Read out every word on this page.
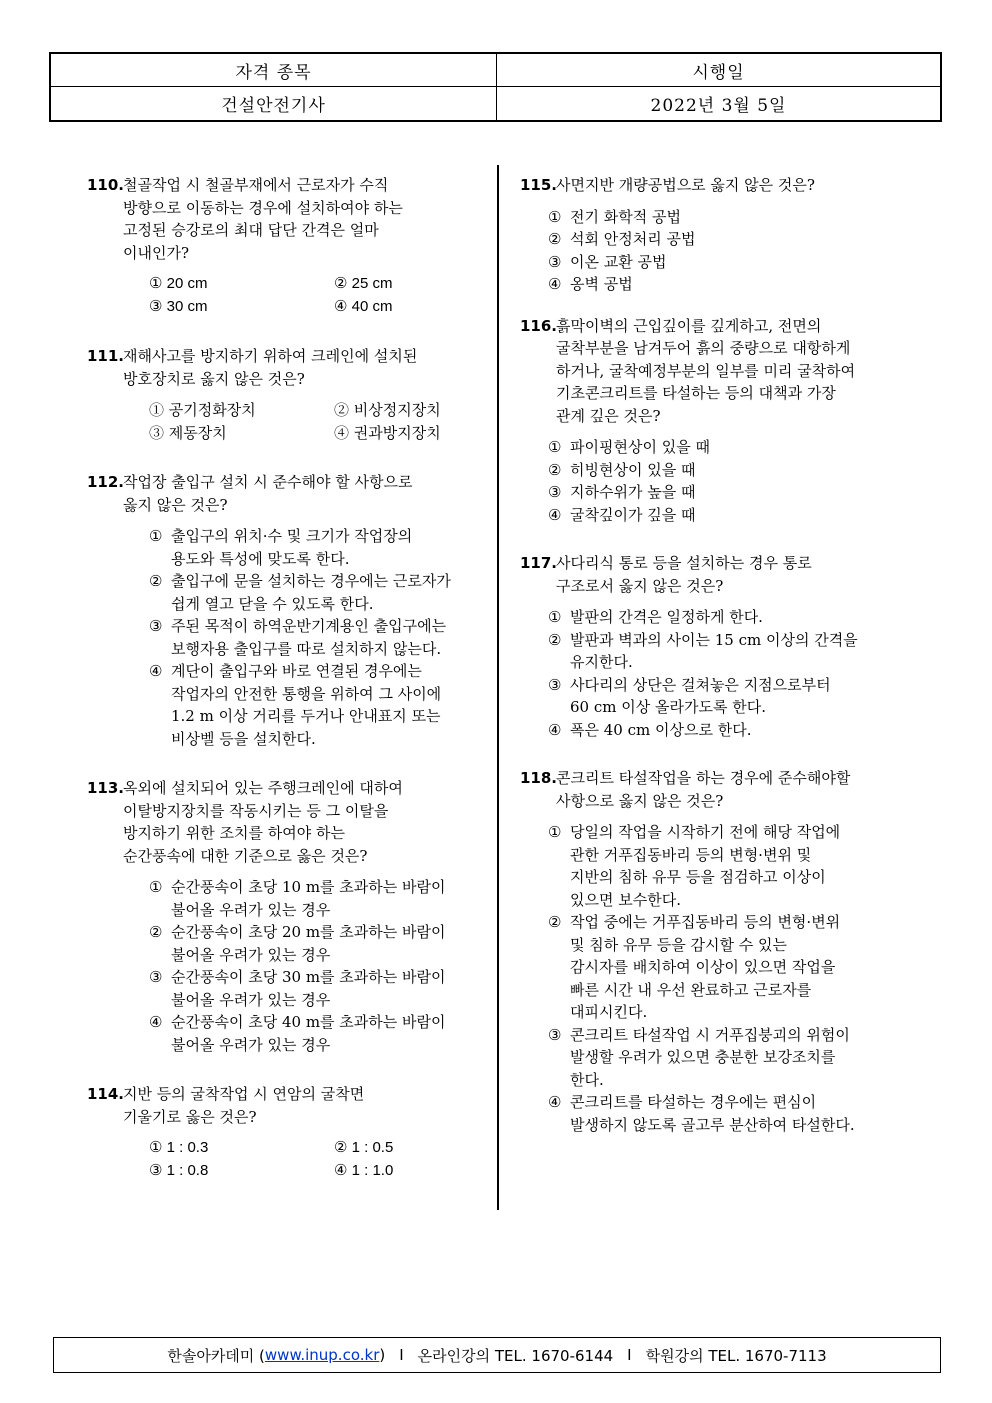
자격 종목	시행일
건설안전기사	2022년 3월 5일
110.
철골작업 시 철골부재에서 근로자가 수직
방향으로 이동하는 경우에 설치하여야 하는
고정된 승강로의 최대 답단 간격은 얼마
이내인가?
① 20 cm	② 25 cm
③ 30 cm	④ 40 cm
111.
재해사고를 방지하기 위하여 크레인에 설치된
방호장치로 옳지 않은 것은?
① 공기정화장치	② 비상정지장치
③ 제동장치	④ 권과방지장치
112.
작업장 출입구 설치 시 준수해야 할 사항으로
옳지 않은 것은?
① 출입구의 위치·수 및 크기가 작업장의
용도와 특성에 맞도록 한다.
② 출입구에 문을 설치하는 경우에는 근로자가
쉽게 열고 닫을 수 있도록 한다.
③ 주된 목적이 하역운반기계용인 출입구에는
보행자용 출입구를 따로 설치하지 않는다.
④ 계단이 출입구와 바로 연결된 경우에는
작업자의 안전한 통행을 위하여 그 사이에
1.2 m 이상 거리를 두거나 안내표지 또는
비상벨 등을 설치한다.
113.
옥외에 설치되어 있는 주행크레인에 대하여
이탈방지장치를 작동시키는 등 그 이탈을
방지하기 위한 조치를 하여야 하는
순간풍속에 대한 기준으로 옳은 것은?
① 순간풍속이 초당 10 m를 초과하는 바람이
불어올 우려가 있는 경우
② 순간풍속이 초당 20 m를 초과하는 바람이
불어올 우려가 있는 경우
③ 순간풍속이 초당 30 m를 초과하는 바람이
불어올 우려가 있는 경우
④ 순간풍속이 초당 40 m를 초과하는 바람이
불어올 우려가 있는 경우
114.
지반 등의 굴착작업 시 연암의 굴착면
기울기로 옳은 것은?
① 1 : 0.3	② 1 : 0.5
③ 1 : 0.8	④ 1 : 1.0
115.
사면지반 개량공법으로 옳지 않은 것은?
① 전기 화학적 공법
② 석회 안정처리 공법
③ 이온 교환 공법
④ 옹벽 공법
116.
흙막이벽의 근입깊이를 깊게하고, 전면의
굴착부분을 남겨두어 흙의 중량으로 대항하게
하거나, 굴착예정부분의 일부를 미리 굴착하여
기초콘크리트를 타설하는 등의 대책과 가장
관계 깊은 것은?
① 파이핑현상이 있을 때
② 히빙현상이 있을 때
③ 지하수위가 높을 때
④ 굴착깊이가 깊을 때
117.
사다리식 통로 등을 설치하는 경우 통로
구조로서 옳지 않은 것은?
① 발판의 간격은 일정하게 한다.
② 발판과 벽과의 사이는 15 cm 이상의 간격을
유지한다.
③ 사다리의 상단은 걸쳐놓은 지점으로부터
60 cm 이상 올라가도록 한다.
④ 폭은 40 cm 이상으로 한다.
118.
콘크리트 타설작업을 하는 경우에 준수해야할
사항으로 옳지 않은 것은?
① 당일의 작업을 시작하기 전에 해당 작업에
관한 거푸집동바리 등의 변형·변위 및
지반의 침하 유무 등을 점검하고 이상이
있으면 보수한다.
② 작업 중에는 거푸집동바리 등의 변형·변위
및 침하 유무 등을 감시할 수 있는
감시자를 배치하여 이상이 있으면 작업을
빠른 시간 내 우선 완료하고 근로자를
대피시킨다.
③ 콘크리트 타설작업 시 거푸집붕괴의 위험이
발생할 우려가 있으면 충분한 보강조치를
한다.
④ 콘크리트를 타설하는 경우에는 편심이
발생하지 않도록 골고루 분산하여 타설한다.
한솔아카데미 ( www.inup.co.kr ) I 온라인강의 TEL. 1670-6144 I 학원강의 TEL. 1670-7113
